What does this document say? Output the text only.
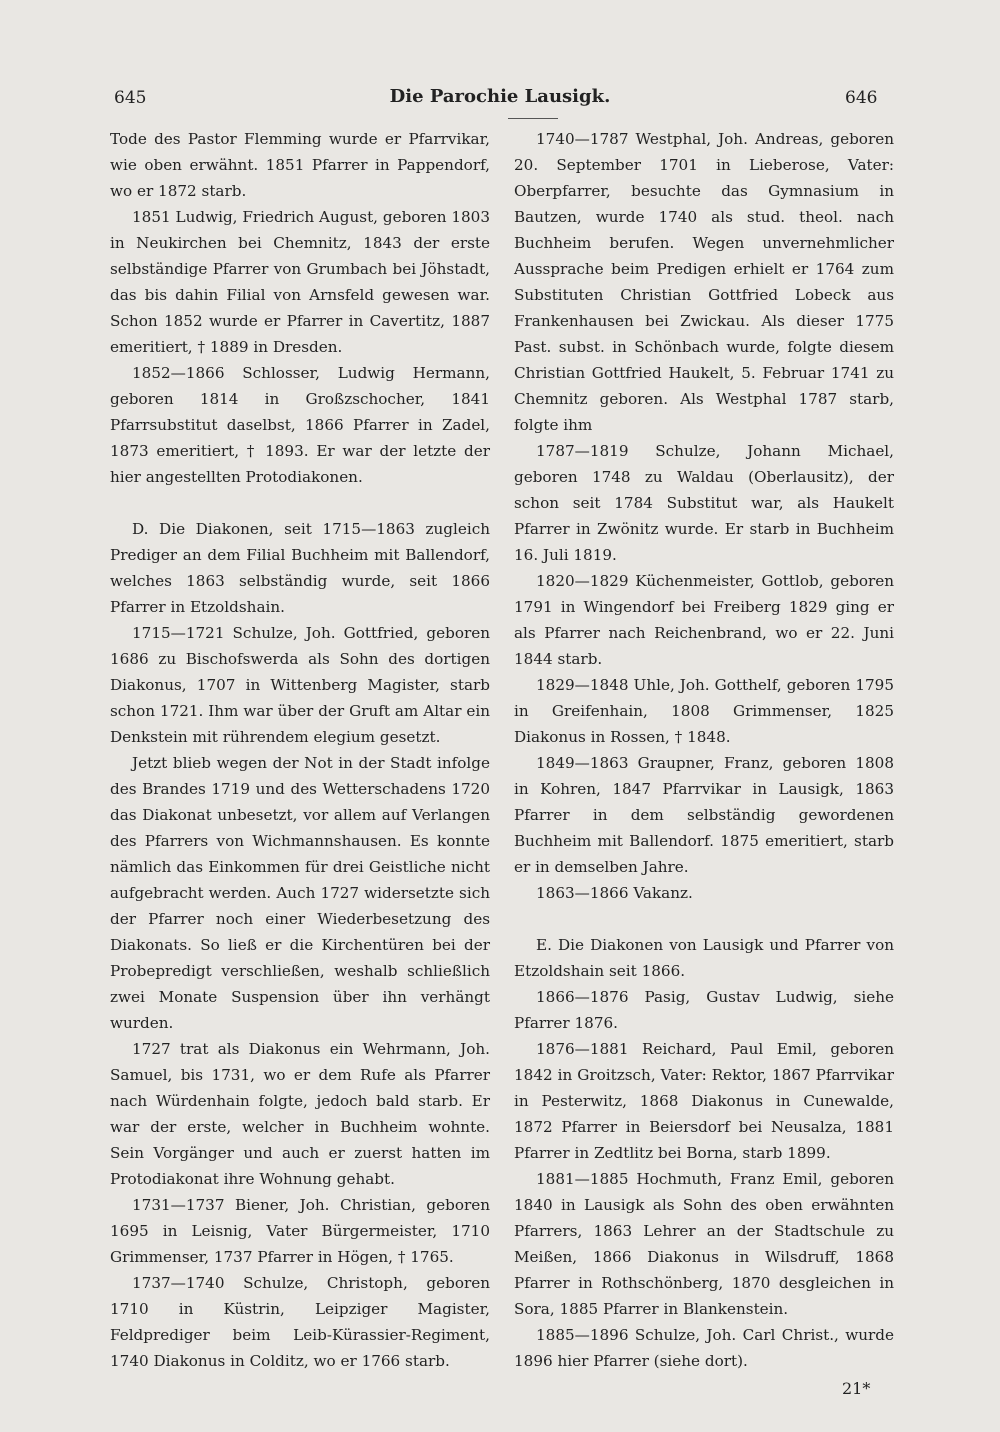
645	Die Parochie Lausigk.	646

Tode des Pastor Flemming wurde er Pfarrvikar, wie oben erwähnt. 1851 Pfarrer in Pappendorf, wo er 1872 starb.

1851 Ludwig, Friedrich August, geboren 1803 in Neukirchen bei Chemnitz, 1843 der erste selbständige Pfarrer von Grumbach bei Jöhstadt, das bis dahin Filial von Arnsfeld gewesen war. Schon 1852 wurde er Pfarrer in Cavertitz, 1887 emeritiert, † 1889 in Dresden.

1852—1866 Schlosser, Ludwig Hermann, geboren 1814 in Großzschocher, 1841 Pfarrsubstitut daselbst, 1866 Pfarrer in Zadel, 1873 emeritiert, † 1893. Er war der letzte der hier angestellten Protodiakonen.

D. Die Diakonen, seit 1715—1863 zugleich Prediger an dem Filial Buchheim mit Ballendorf, welches 1863 selbständig wurde, seit 1866 Pfarrer in Etzoldshain.

1715—1721 Schulze, Joh. Gottfried, geboren 1686 zu Bischofswerda als Sohn des dortigen Diakonus, 1707 in Wittenberg Magister, starb schon 1721. Ihm war über der Gruft am Altar ein Denkstein mit rührendem elegium gesetzt.

Jetzt blieb wegen der Not in der Stadt infolge des Brandes 1719 und des Wetterschadens 1720 das Diakonat unbesetzt, vor allem auf Verlangen des Pfarrers von Wichmannshausen. Es konnte nämlich das Einkommen für drei Geistliche nicht aufgebracht werden. Auch 1727 widersetzte sich der Pfarrer noch einer Wiederbesetzung des Diakonats. So ließ er die Kirchentüren bei der Probepredigt verschließen, weshalb schließlich zwei Monate Suspension über ihn verhängt wurden.

1727 trat als Diakonus ein Wehrmann, Joh. Samuel, bis 1731, wo er dem Rufe als Pfarrer nach Würdenhain folgte, jedoch bald starb. Er war der erste, welcher in Buchheim wohnte. Sein Vorgänger und auch er zuerst hatten im Protodiakonat ihre Wohnung gehabt.

1731—1737 Biener, Joh. Christian, geboren 1695 in Leisnig, Vater Bürgermeister, 1710 Grimmenser, 1737 Pfarrer in Högen, † 1765.

1737—1740 Schulze, Christoph, geboren 1710 in Küstrin, Leipziger Magister, Feldprediger beim Leib-Kürassier-Regiment, 1740 Diakonus in Colditz, wo er 1766 starb.

1740—1787 Westphal, Joh. Andreas, geboren 20. September 1701 in Lieberose, Vater: Oberpfarrer, besuchte das Gymnasium in Bautzen, wurde 1740 als stud. theol. nach Buchheim berufen. Wegen unvernehmlicher Aussprache beim Predigen erhielt er 1764 zum Substituten Christian Gottfried Lobeck aus Frankenhausen bei Zwickau. Als dieser 1775 Past. subst. in Schönbach wurde, folgte diesem Christian Gottfried Haukelt, 5. Februar 1741 zu Chemnitz geboren. Als Westphal 1787 starb, folgte ihm

1787—1819 Schulze, Johann Michael, geboren 1748 zu Waldau (Oberlausitz), der schon seit 1784 Substitut war, als Haukelt Pfarrer in Zwönitz wurde. Er starb in Buchheim 16. Juli 1819.

1820—1829 Küchenmeister, Gottlob, geboren 1791 in Wingendorf bei Freiberg 1829 ging er als Pfarrer nach Reichenbrand, wo er 22. Juni 1844 starb.

1829—1848 Uhle, Joh. Gotthelf, geboren 1795 in Greifenhain, 1808 Grimmenser, 1825 Diakonus in Rossen, † 1848.

1849—1863 Graupner, Franz, geboren 1808 in Kohren, 1847 Pfarrvikar in Lausigk, 1863 Pfarrer in dem selbständig gewordenen Buchheim mit Ballendorf. 1875 emeritiert, starb er in demselben Jahre.

1863—1866 Vakanz.

E. Die Diakonen von Lausigk und Pfarrer von Etzoldshain seit 1866.

1866—1876 Pasig, Gustav Ludwig, siehe Pfarrer 1876.

1876—1881 Reichard, Paul Emil, geboren 1842 in Groitzsch, Vater: Rektor, 1867 Pfarrvikar in Pesterwitz, 1868 Diakonus in Cunewalde, 1872 Pfarrer in Beiersdorf bei Neusalza, 1881 Pfarrer in Zedtlitz bei Borna, starb 1899.

1881—1885 Hochmuth, Franz Emil, geboren 1840 in Lausigk als Sohn des oben erwähnten Pfarrers, 1863 Lehrer an der Stadtschule zu Meißen, 1866 Diakonus in Wilsdruff, 1868 Pfarrer in Rothschönberg, 1870 desgleichen in Sora, 1885 Pfarrer in Blankenstein.

1885—1896 Schulze, Joh. Carl Christ., wurde 1896 hier Pfarrer (siehe dort).

21*
